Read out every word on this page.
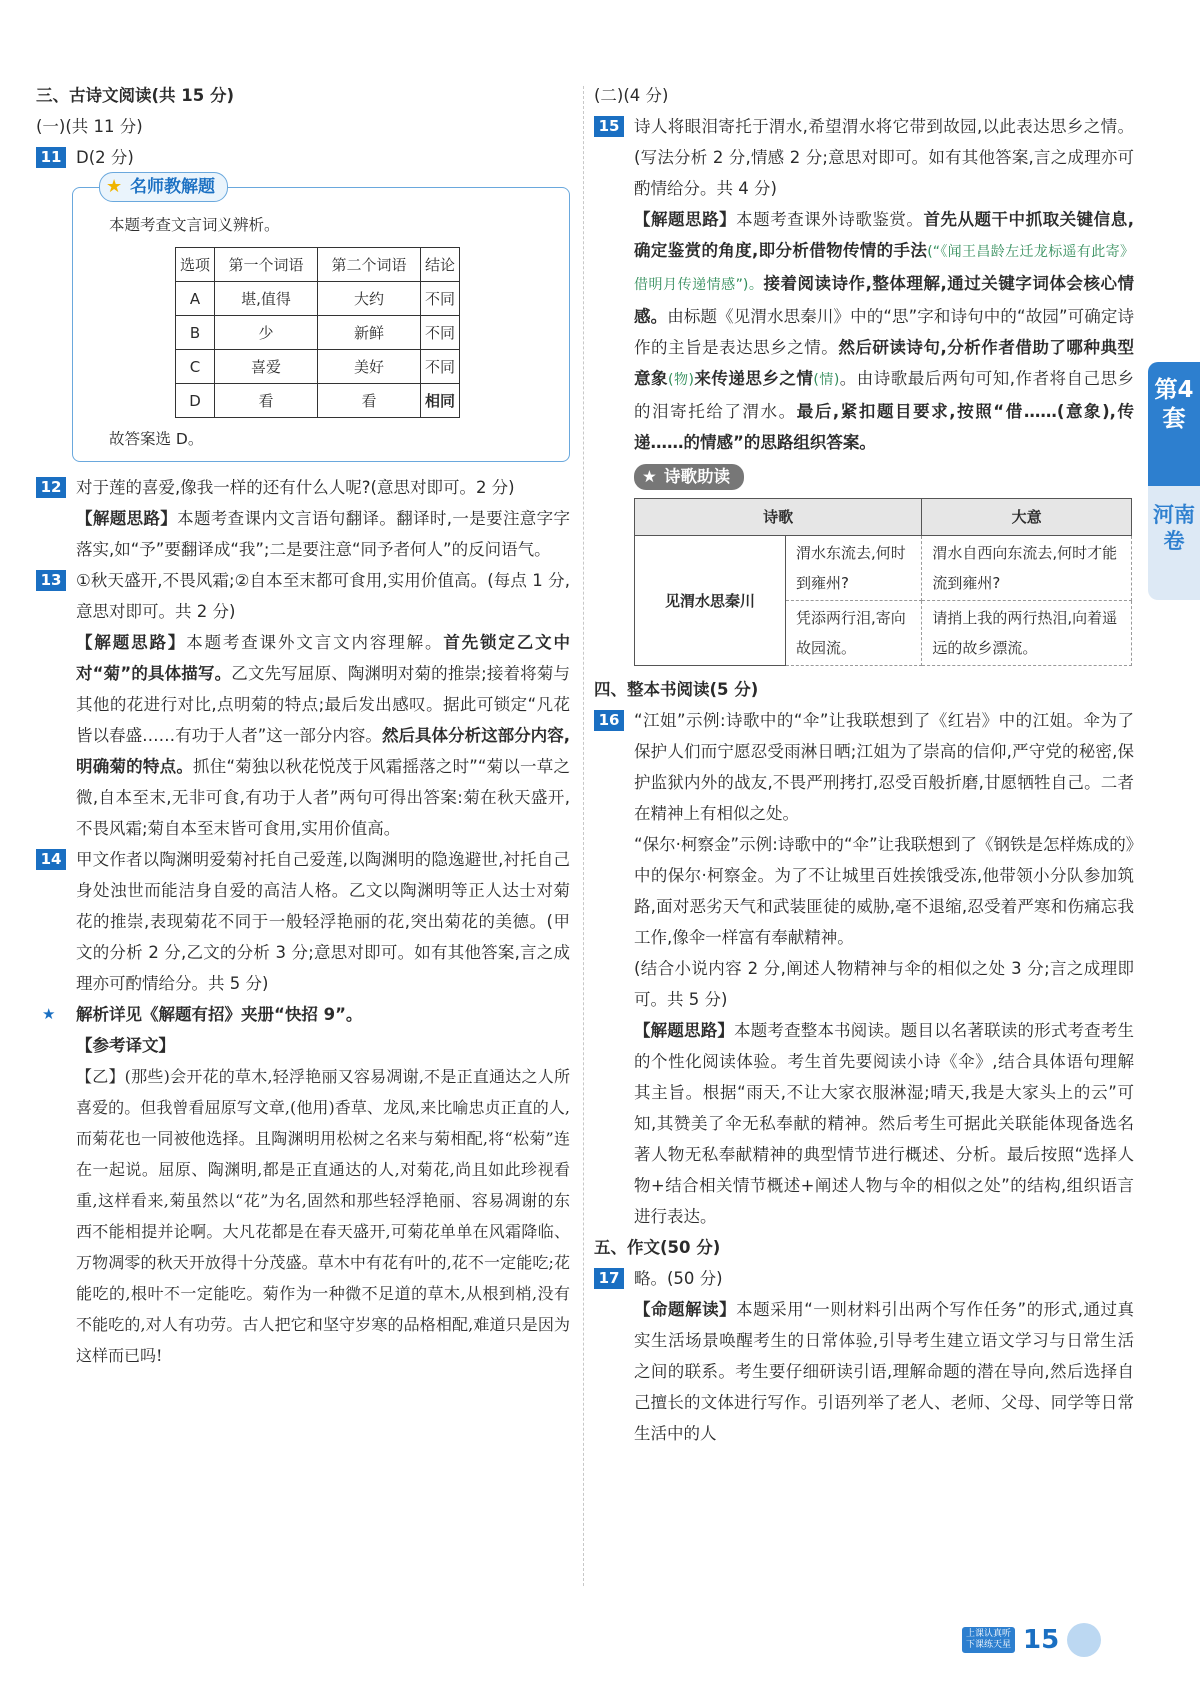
三、古诗文阅读(共 15 分)

(一)(共 11 分)

11 D(2 分)
★ 名师教解题

本题考查文言词义辨析。

选项	第一个词语	第二个词语	结论
A	堪,值得	大约	不同
B	少	新鲜	不同
C	喜爱	美好	不同
D	看	看	相同

故答案选 D。

12 对于莲的喜爱,像我一样的还有什么人呢?(意思对即可。2 分)

【解题思路】本题考查课内文言语句翻译。翻译时,一是要注意字字落实,如“予”要翻译成“我”;二是要注意“同予者何人”的反问语气。

13 ①秋天盛开,不畏风霜;②自本至末都可食用,实用价值高。(每点 1 分,意思对即可。共 2 分)

【解题思路】本题考查课外文言文内容理解。首先锁定乙文中对“菊”的具体描写。乙文先写屈原、陶渊明对菊的推崇;接着将菊与其他的花进行对比,点明菊的特点;最后发出感叹。据此可锁定“凡花皆以春盛……有功于人者”这一部分内容。然后具体分析这部分内容,明确菊的特点。抓住“菊独以秋花悦茂于风霜摇落之时”“菊以一草之微,自本至末,无非可食,有功于人者”两句可得出答案:菊在秋天盛开,不畏风霜;菊自本至末皆可食用,实用价值高。

14 甲文作者以陶渊明爱菊衬托自己爱莲,以陶渊明的隐逸避世,衬托自己身处浊世而能洁身自爱的高洁人格。乙文以陶渊明等正人达士对菊花的推崇,表现菊花不同于一般轻浮艳丽的花,突出菊花的美德。(甲文的分析 2 分,乙文的分析 3 分;意思对即可。如有其他答案,言之成理亦可酌情给分。共 5 分)

★ 解析详见《解题有招》夹册“快招 9”。

【参考译文】

【乙】(那些)会开花的草木,轻浮艳丽又容易凋谢,不是正直通达之人所喜爱的。但我曾看屈原写文章,(他用)香草、龙凤,来比喻忠贞正直的人,而菊花也一同被他选择。且陶渊明用松树之名来与菊相配,将“松菊”连在一起说。屈原、陶渊明,都是正直通达的人,对菊花,尚且如此珍视看重,这样看来,菊虽然以“花”为名,固然和那些轻浮艳丽、容易凋谢的东西不能相提并论啊。大凡花都是在春天盛开,可菊花单单在风霜降临、万物凋零的秋天开放得十分茂盛。草木中有花有叶的,花不一定能吃;花能吃的,根叶不一定能吃。菊作为一种微不足道的草木,从根到梢,没有不能吃的,对人有功劳。古人把它和坚守岁寒的品格相配,难道只是因为这样而已吗!

(二)(4 分)

15 诗人将眼泪寄托于渭水,希望渭水将它带到故园,以此表达思乡之情。(写法分析 2 分,情感 2 分;意思对即可。如有其他答案,言之成理亦可酌情给分。共 4 分)

【解题思路】本题考查课外诗歌鉴赏。首先从题干中抓取关键信息,确定鉴赏的角度,即分析借物传情的手法(“《闻王昌龄左迁龙标遥有此寄》借明月传递情感”)。接着阅读诗作,整体理解,通过关键字词体会核心情感。由标题《见渭水思秦川》中的“思”字和诗句中的“故园”可确定诗作的主旨是表达思乡之情。然后研读诗句,分析作者借助了哪种典型意象(物)来传递思乡之情(情)。由诗歌最后两句可知,作者将自己思乡的泪寄托给了渭水。最后,紧扣题目要求,按照“借……(意象),传递……的情感”的思路组织答案。

★ 诗歌助读
诗歌		大意
见渭水思秦川	渭水东流去,何时到雍州?	渭水自西向东流去,何时才能流到雍州?
	凭添两行泪,寄向故园流。	请捎上我的两行热泪,向着遥远的故乡漂流。

四、整本书阅读(5 分)

16 “江姐”示例:诗歌中的“伞”让我联想到了《红岩》中的江姐。伞为了保护人们而宁愿忍受雨淋日晒;江姐为了崇高的信仰,严守党的秘密,保护监狱内外的战友,不畏严刑拷打,忍受百般折磨,甘愿牺牲自己。二者在精神上有相似之处。

“保尔·柯察金”示例:诗歌中的“伞”让我联想到了《钢铁是怎样炼成的》中的保尔·柯察金。为了不让城里百姓挨饿受冻,他带领小分队参加筑路,面对恶劣天气和武装匪徒的威胁,毫不退缩,忍受着严寒和伤痛忘我工作,像伞一样富有奉献精神。

(结合小说内容 2 分,阐述人物精神与伞的相似之处 3 分;言之成理即可。共 5 分)

【解题思路】本题考查整本书阅读。题目以名著联读的形式考查考生的个性化阅读体验。考生首先要阅读小诗《伞》,结合具体语句理解其主旨。根据“雨天,不让大家衣服淋湿;晴天,我是大家头上的云”可知,其赞美了伞无私奉献的精神。然后考生可据此关联能体现备选名著人物无私奉献精神的典型情节进行概述、分析。最后按照“选择人物+结合相关情节概述+阐述人物与伞的相似之处”的结构,组织语言进行表达。

五、作文(50 分)

17 略。(50 分)

【命题解读】本题采用“一则材料引出两个写作任务”的形式,通过真实生活场景唤醒考生的日常体验,引导考生建立语文学习与日常生活之间的联系。考生要仔细研读引语,理解命题的潜在导向,然后选择自己擅长的文体进行写作。引语列举了老人、老师、父母、同学等日常生活中的人

第4套
河南卷
上课认真听
下课练天星 15
